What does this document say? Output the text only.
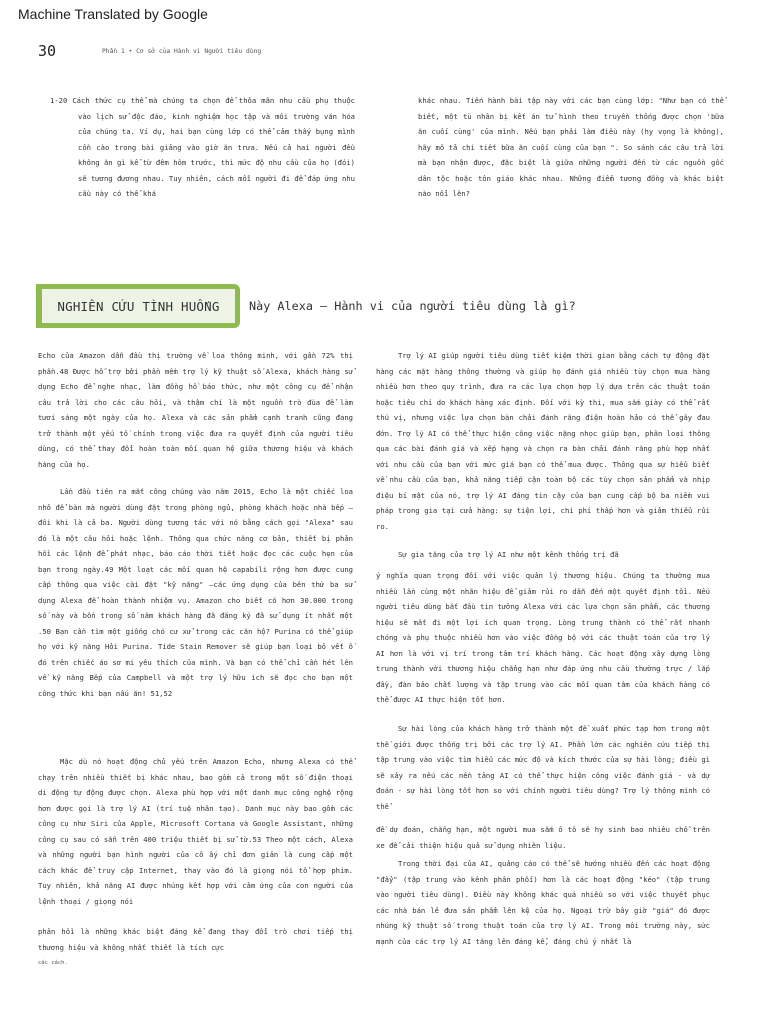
Machine Translated by Google
30	Phần 1 • Cơ sở của Hành vi Người tiêu dùng

1-20 Cách thức cụ thể mà chúng ta chọn để thỏa mãn nhu cầu phụ thuộc vào lịch sử độc đáo, kinh nghiệm học tập và môi trường văn hóa của chúng ta. Ví dụ, hai bạn cùng lớp có thể cảm thấy bụng mình cồn cào trong bài giảng vào giờ ăn trưa. Nếu cả hai người đều không ăn gì kể từ đêm hôm trước, thì mức độ nhu cầu của họ (đói) sẽ tương đương nhau. Tuy nhiên, cách mỗi người đi để đáp ứng nhu cầu này có thể khá

khác nhau. Tiến hành bài tập này với các bạn cùng lớp: "Như bạn có thể biết, một tù nhân bị kết án tử hình theo truyền thống được chọn 'bữa ăn cuối cùng' của mình. Nếu bạn phải làm điều này (hy vọng là không), hãy mô tả chi tiết bữa ăn cuối cùng của bạn ". So sánh các câu trả lời mà bạn nhận được, đặc biệt là giữa những người đến từ các nguồn gốc dân tộc hoặc tôn giáo khác nhau. Những điểm tương đồng và khác biệt nào nổi lên?

NGHIÊN CỨU TÌNH HUỐNG Này Alexa — Hành vi của người tiêu dùng là gì?

Echo của Amazon dẫn đầu thị trường về loa thông minh, với gần 72% thị phần.48 Được hỗ trợ bởi phần mềm trợ lý kỹ thuật số Alexa, khách hàng sử dụng Echo để nghe nhạc, làm đồng hồ báo thức, như một công cụ để nhận câu trả lời cho các câu hỏi, và thậm chí là một nguồn trò đùa để làm tươi sáng một ngày của họ. Alexa và các sản phẩm cạnh tranh cũng đang trở thành một yếu tố chính trong việc đưa ra quyết định của người tiêu dùng, có thể thay đổi hoàn toàn mối quan hệ giữa thương hiệu và khách hàng của họ.

Lần đầu tiên ra mắt công chúng vào năm 2015, Echo là một chiếc loa nhỏ để bàn mà người dùng đặt trong phòng ngủ, phòng khách hoặc nhà bếp – đôi khi là cả ba. Người dùng tương tác với nó bằng cách gọi "Alexa" sau đó là một câu hỏi hoặc lệnh. Thông qua chức năng cơ bản, thiết bị phản hồi các lệnh để phát nhạc, báo cáo thời tiết hoặc đọc các cuộc hẹn của bạn trong ngày.49 Một loạt các mối quan hệ capabili rộng hơn được cung cấp thông qua việc cài đặt "kỹ năng" —các ứng dụng của bên thứ ba sử dụng Alexa để hoàn thành nhiệm vụ. Amazon cho biết có hơn 30.000 trong số này và bốn trong số năm khách hàng đã đăng ký đã sử dụng ít nhất một .50 Bạn cần tìm một giống chó cư xử trong các căn hộ? Purina có thể giúp họ với kỹ năng Hỏi Purina. Tide Stain Remover sẽ giúp bạn loại bỏ vết ố đó trên chiếc áo sơ mi yêu thích của mình. Và bạn có thể chỉ cần hét lên về kỹ năng Bếp của Campbell và một trợ lý hữu ích sẽ đọc cho bạn một công thức khi bạn nấu ăn! 51,52

Mặc dù nó hoạt động chủ yếu trên Amazon Echo, nhưng Alexa có thể chạy trên nhiều thiết bị khác nhau, bao gồm cả trong một số điện thoại di động tự động được chọn. Alexa phù hợp với một danh mục công nghệ rộng hơn được gọi là trợ lý AI (trí tuệ nhân tạo). Danh mục này bao gồm các công cụ như Siri của Apple, Microsoft Cortana và Google Assistant, những công cụ sau có sẵn trên 400 triệu thiết bị sử từ.53 Theo một cách, Alexa và những người bạn hình người của cô ấy chỉ đơn giản là cung cấp một cách khác để truy cập Internet, thay vào đó là giọng nói tổ hợp phím. Tuy nhiên, khả năng AI được nhúng kết hợp với cảm ứng của con người của lệnh thoại / giọng nói

phản hồi là những khác biệt đáng kể đang thay đổi trò chơi tiếp thị thương hiệu và không nhất thiết là tích cực

các cách.

Trợ lý AI giúp người tiêu dùng tiết kiệm thời gian bằng cách tự động đặt hàng các mặt hàng thông thường và giúp họ đánh giá nhiều tùy chọn mua hàng nhiều hơn theo quy trình, đưa ra các lựa chọn hợp lý dựa trên các thuật toán hoặc tiêu chí do khách hàng xác định. Đối với kỳ thi, mua sắm giày có thể rất thú vị, nhưng việc lựa chọn bàn chải đánh răng điện hoàn hảo có thể gây đau đớn. Trợ lý AI có thể thực hiện công việc nặng nhọc giúp bạn, phân loại thông qua các bài đánh giá và xếp hạng và chọn ra bàn chải đánh răng phù hợp nhất với nhu cầu của bạn với mức giá bạn có thể mua được. Thông qua sự hiểu biết về nhu cầu của bạn, khả năng tiếp cận toàn bộ các tùy chọn sản phẩm và nhịp điệu bí mật của nó, trợ lý AI đáng tin cậy của bạn cung cấp bộ ba niềm vui pháp trong gia tại cửa hàng: sự tiện lợi, chi phí thấp hơn và giảm thiểu rủi ro.

Sự gia tăng của trợ lý AI như một kênh thống trị đã

ý nghĩa quan trọng đối với việc quản lý thương hiệu. Chúng ta thường mua nhiều lần cùng một nhãn hiệu để giảm rủi ro dẫn đến một quyết định tồi. Nếu người tiêu dùng bắt đầu tin tưởng Alexa với các lựa chọn sản phẩm, các thương hiệu sẽ mất đi một lợi ích quan trọng. Lòng trung thành có thể rất nhanh chóng và phụ thuộc nhiều hơn vào việc đồng bộ với các thuật toán của trợ lý AI hơn là với vị trí trong tâm trí khách hàng. Các hoạt động xây dựng lòng trung thành với thương hiệu chẳng hạn như đáp ứng nhu cầu thường trực / lắp đầy, đàn bảo chất lượng và tập trung vào các mối quan tâm của khách hàng có thể được AI thực hiện tốt hơn.

Sự hài lòng của khách hàng trở thành một đề xuất phức tạp hơn trong một thế giới được thống trị bởi các trợ lý AI. Phần lớn các nghiên cứu tiếp thị tập trung vào việc tìm hiểu các mức độ và kích thước của sự hài lòng; điều gì sẽ xảy ra nếu các nền tảng AI có thể thực hiện công việc đánh giá - và dự đoán - sự hài lòng tốt hơn so với chính người tiêu dùng? Trợ lý thông minh có thể

đề dự đoán, chẳng hạn, một người mua sắm ô tô sẽ hy sinh bao nhiêu chỗ trên xe để cải thiện hiệu quả sử dụng nhiên liệu.

Trong thời đại của AI, quảng cáo có thể sẽ hướng nhiều đến các hoạt động "đẩy" (tập trung vào kênh phân phối) hơn là các hoạt động "kéo" (tập trung vào người tiêu dùng). Điều này không khác quá nhiều so với việc thuyết phục các nhà bán lẻ đưa sản phẩm lên kệ của họ. Ngoại trừ bây giờ "giá" đó được nhúng kỹ thuật số trong thuật toán của trợ lý AI. Trong môi trường này, sức mạnh của các trợ lý AI tăng lên đáng kể, đáng chú ý nhất là
